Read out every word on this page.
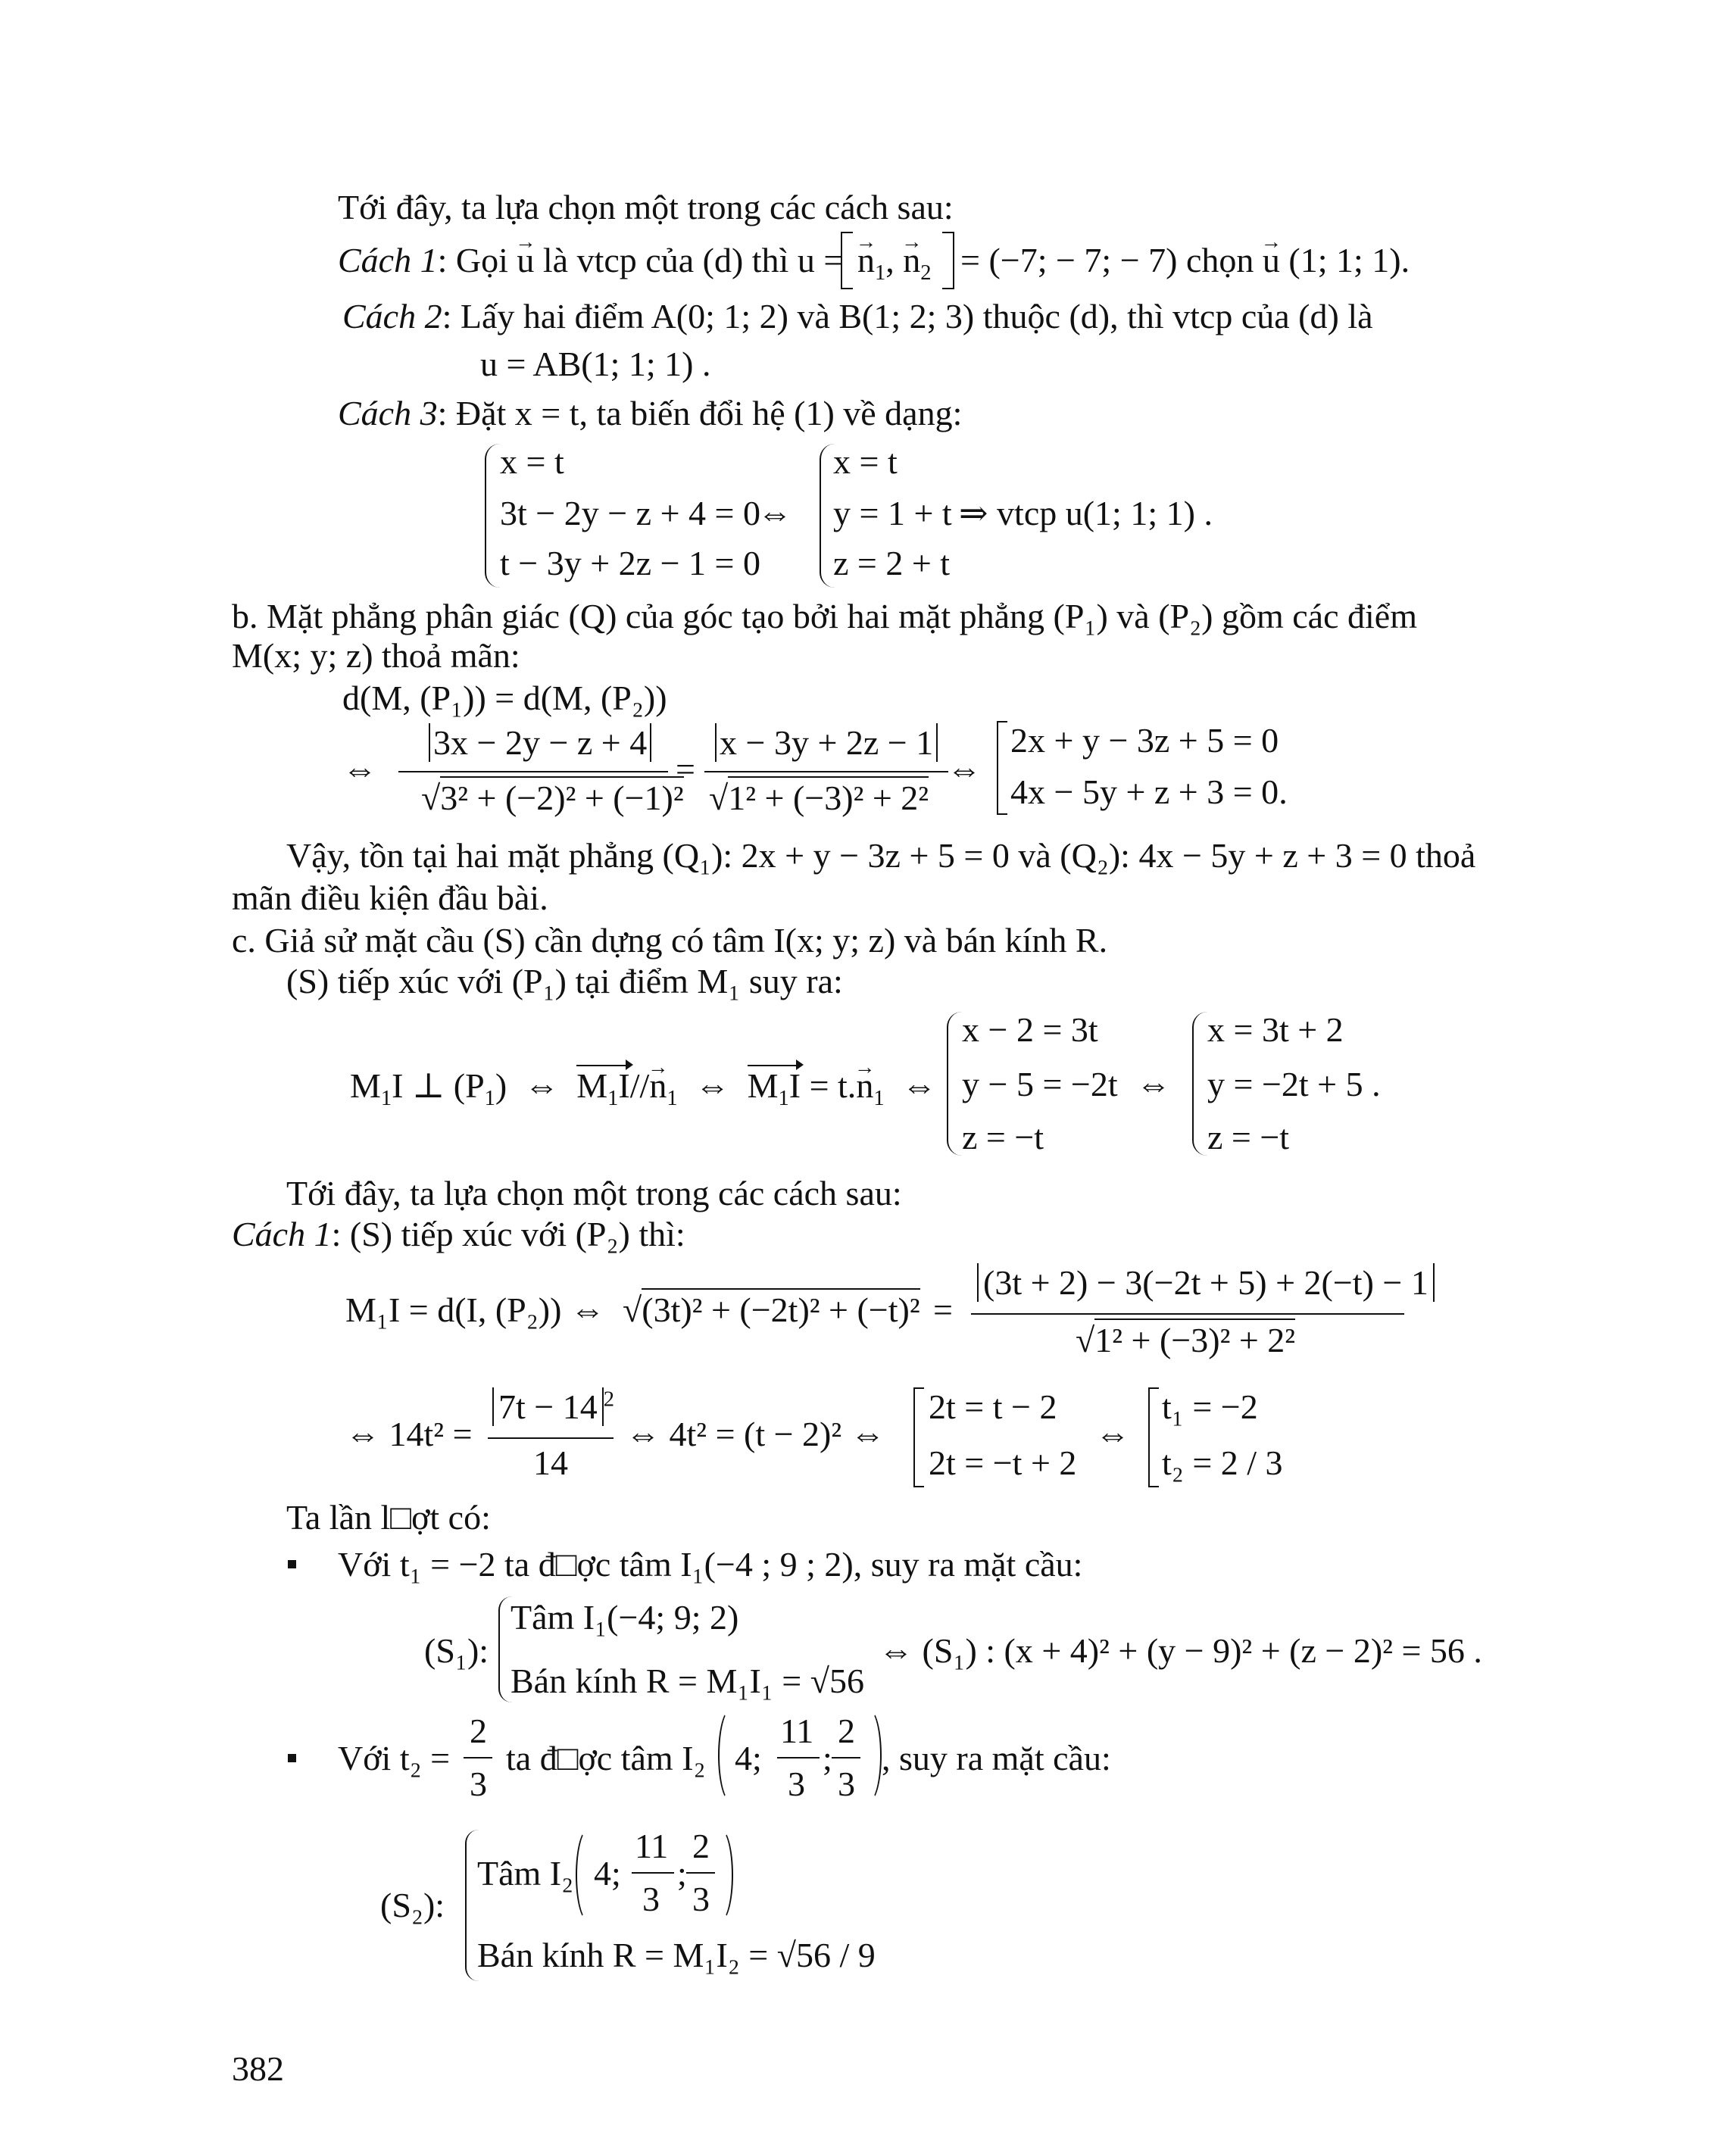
Tới đây, ta lựa chọn một trong các cách sau:
Cách 1: Gọi → u là vtcp của (d) thì u = → $n_1$, → $n_2 = (-7$; − 7; − 7) chọn → u (1; 1; 1).
Cách 2: Lấy hai điểm A(0; 1; 2) và B(1; 2; 3) thuộc (d), thì vtcp của (d) là
u = AB(1; 1; 1) .
Cách 3: Đặt x = t, ta biến đổi hệ (1) về dạng:
x = t
3t − 2y − z + 4 = 0
t − 3y + 2z − 1 = 0
⇔
x = t
y = 1 + t
z = 2 + t
⇒ vtcp u(1; 1; 1) .
b. Mặt phẳng phân giác (Q) của góc tạo bởi hai mặt phẳng (P₁) và (P₂) gồm các điểm
M(x; y; z) thoả mãn:
d(M, (P₁)) = d(M, (P₂))
⇔
3x − 2y − z + 4
√3² + (−2)² + (−1)²
=
x − 3y + 2z − 1
√1² + (−3)² + 2²
⇔
2x + y − 3z + 5 = 0
4x − 5y + z + 3 = 0.
Vậy, tồn tại hai mặt phẳng (Q₁): 2x + y − 3z + 5 = 0 và (Q₂): 4x − 5y + z + 3 = 0 thoả
mãn điều kiện đầu bài.
c. Giả sử mặt cầu (S) cần dựng có tâm I(x; y; z) và bán kính R.
(S) tiếp xúc với (P₁) tại điểm M₁ suy ra:
$M_1I$ ⊥ $(P_1)$  ⇔  $M_1I//\to n_1$  ⇔  $M_1I = t.\to n_1$  ⇔
x − 2 = 3t
y − 5 = −2t
z = −t
⇔
x = 3t + 2
y = −2t + 5 .
z = −t
Tới đây, ta lựa chọn một trong các cách sau:
Cách 1: (S) tiếp xúc với (P₂) thì:
M₁I = d(I, (P₂)) ⇔ √(3t)² + (−2t)² + (−t)² =
(3t + 2) − 3(−2t + 5) + 2(−t) − 1
√1² + (−3)² + 2²
⇔ 14t² =
7t − 14 $^2$
14
⇔ 4t² = (t − 2)² ⇔
2t = t − 2
2t = −t + 2
⇔
t₁ = −2
t₂ = 2 / 3
Ta lần l□ợt có:
Với t₁ = −2 ta đ□ợc tâm I₁(−4 ; 9 ; 2), suy ra mặt cầu:
(S₁):
Tâm I₁(−4; 9; 2)
Bán kính R = M₁I₁ = √56
⇔ (S₁) : (x + 4)² + (y − 9)² + (z − 2)² = 56 .
Với t₂ =
2
3
ta đ□ợc tâm I₂ 4;
11
3
;
2
3
, suy ra mặt cầu:
(S₂):
Tâm I₂ 4;
11
3
;
2
3
Bán kính R = M₁I₂ = √56 / 9
382
